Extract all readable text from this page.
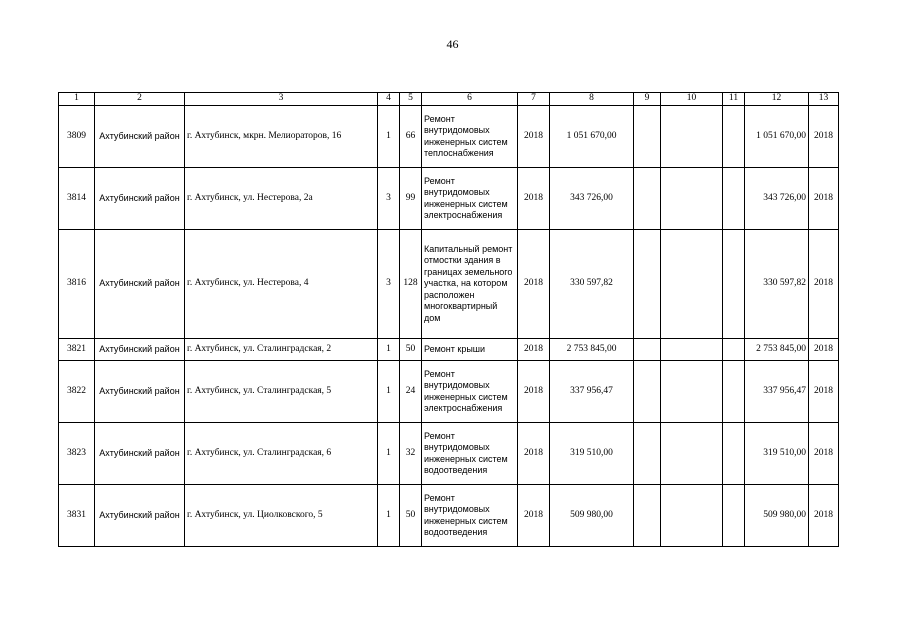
46
1	2	3	4	5	6	7	8	9	10	11	12	13
3809	Ахтубинский район	г. Ахтубинск, мкрн. Мелиораторов, 16	1	66	Ремонт внутридомовых инженерных систем теплоснабжения	2018	1 051 670,00				1 051 670,00	2018
3814	Ахтубинский район	г. Ахтубинск, ул. Нестерова, 2а	3	99	Ремонт внутридомовых инженерных систем электроснабжения	2018	343 726,00				343 726,00	2018
3816	Ахтубинский район	г. Ахтубинск, ул. Нестерова, 4	3	128	Капитальный ремонт отмостки здания в границах земельного участка, на котором расположен многоквартирный дом	2018	330 597,82				330 597,82	2018
3821	Ахтубинский район	г. Ахтубинск, ул. Сталинградская, 2	1	50	Ремонт крыши	2018	2 753 845,00				2 753 845,00	2018
3822	Ахтубинский район	г. Ахтубинск, ул. Сталинградская, 5	1	24	Ремонт внутридомовых инженерных систем электроснабжения	2018	337 956,47				337 956,47	2018
3823	Ахтубинский район	г. Ахтубинск, ул. Сталинградская, 6	1	32	Ремонт внутридомовых инженерных систем водоотведения	2018	319 510,00				319 510,00	2018
3831	Ахтубинский район	г. Ахтубинск, ул. Циолковского, 5	1	50	Ремонт внутридомовых инженерных систем водоотведения	2018	509 980,00				509 980,00	2018
